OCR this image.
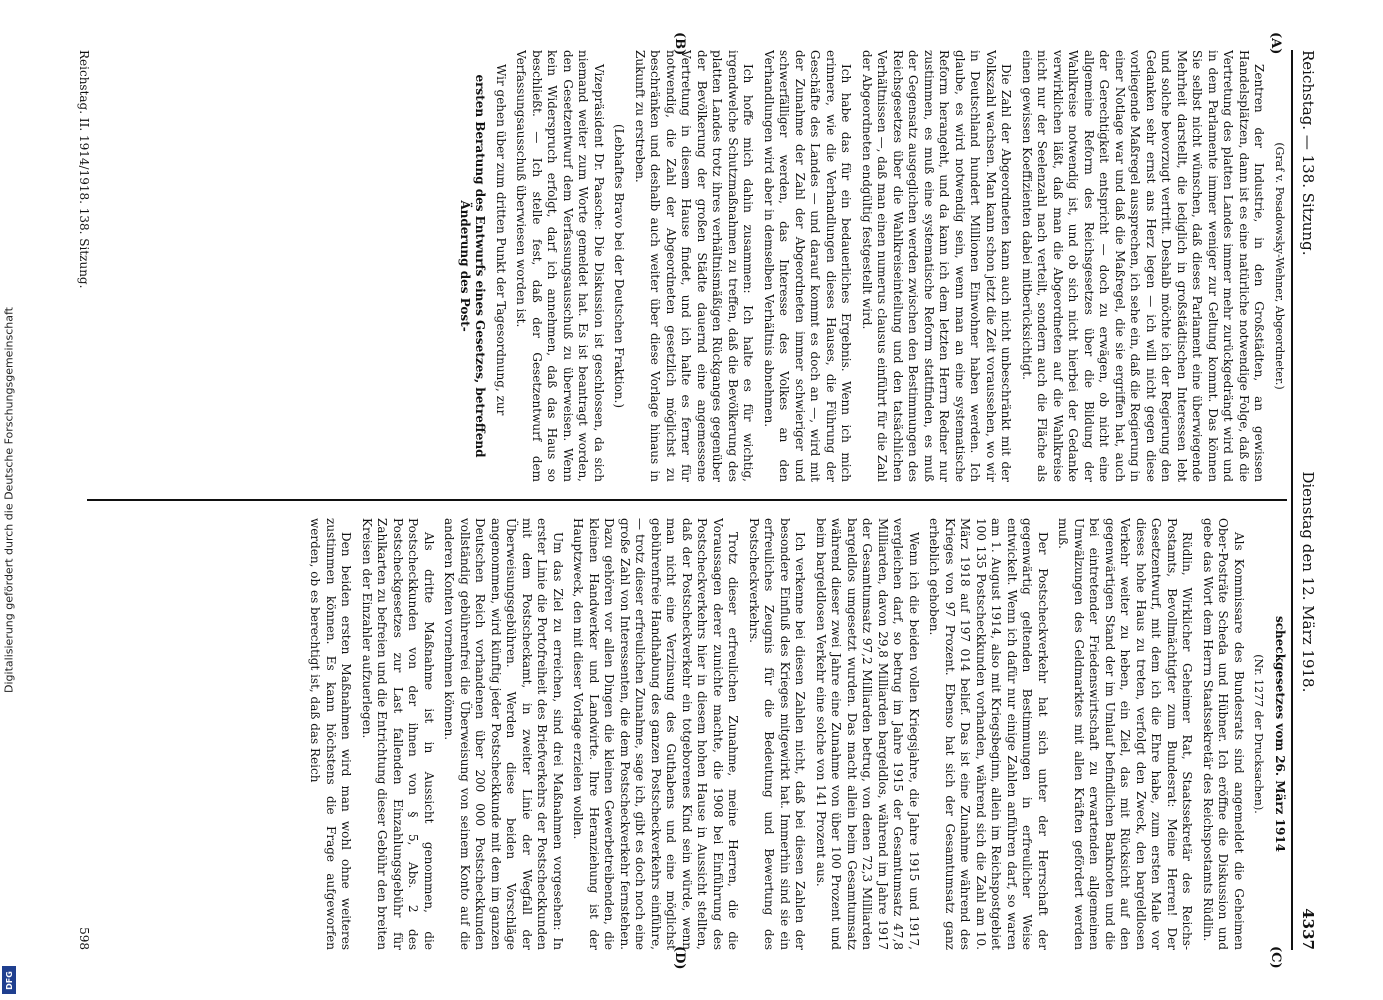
Digitalisierung gefördert durch die Deutsche Forschungsgemeinschaft
DFG
Reichstag. — 138. Sitzung.
Dienstag den 12. März 1918.
4337
(A)
(B)
(C)
(D)

(Graf v. Posadowsky-Wehner, Abgeordneter.)

Zentren der Industrie, in den Großstädten, an gewissen Handelsplätzen, dann ist es eine natürliche notwendige Folge, daß die Vertretung des platten Landes immer mehr zurückgedrängt wird und in dem Parlamente immer weniger zur Geltung kommt. Das können Sie selbst nicht wünschen, daß dieses Parlament eine überwiegende Mehrheit darstellt, die lediglich in großstädtischen Interessen lebt und solche bevorzugt vertritt. Deshalb möchte ich der Regierung den Gedanken sehr ernst ans Herz legen — ich will nicht gegen diese vorliegende Maßregel aussprechen, ich sehe ein, daß die Regierung in einer Notlage war und daß die Maßregel, die sie ergriffen hat, auch der Gerechtigkeit entspricht — doch zu erwägen, ob nicht eine allgemeine Reform des Reichsgesetzes über die Bildung der Wahlkreise notwendig ist, und ob sich nicht hierbei der Gedanke verwirklichen läßt, daß man die Abgeordneten auf die Wahlkreise nicht nur der Seelenzahl nach verteilt, sondern auch die Fläche als einen gewissen Koeffizienten dabei mitberücksichtigt.

Die Zahl der Abgeordneten kann auch nicht unbeschränkt mit der Volkszahl wachsen. Man kann schon jetzt die Zeit voraussehen, wo wir in Deutschland hundert Millionen Einwohner haben werden. Ich glaube, es wird notwendig sein, wenn man an eine systematische Reform herangeht, und da kann ich dem letzten Herrn Redner nur zustimmen, es muß eine systematische Reform stattfinden, es muß der Gegensatz ausgeglichen werden zwischen den Bestimmungen des Reichsgesetzes über die Wahlkreiseinteilung und den tatsächlichen Verhältnissen —, daß man einen numerus clausus einführt für die Zahl der Abgeordneten endgültig festgestellt wird.

Ich habe das für ein bedauerliches Ergebnis. Wenn ich mich erinnere, wie die Verhandlungen dieses Hauses, die Führung der Geschäfte des Landes — und darauf kommt es doch an —, wird mit der Zunahme der Zahl der Abgeordneten immer schwieriger und schwerfälliger werden, das Interesse des Volkes an den Verhandlungen wird aber in demselben Verhältnis abnehmen.

Ich hoffe mich dahin zusammen: Ich halte es für wichtig, irgendwelche Schutzmaßnahmen zu treffen, daß die Bevölkerung des platten Landes trotz ihres verhältnismäßigen Rückganges gegenüber der Bevölkerung der großen Städte dauernd eine angemessene Vertretung in diesem Hause findet, und ich halte es ferner für notwendig, die Zahl der Abgeordneten gesetzlich möglichst zu beschränken und deshalb auch weiter über diese Vorlage hinaus in Zukunft zu erstreben.

(Lebhaftes Bravo bei der Deutschen Fraktion.)

Vizepräsident Dr. Paasche: Die Diskussion ist geschlossen, da sich niemand weiter zum Worte gemeldet hat. Es ist beantragt worden, den Gesetzentwurf dem Verfassungsausschuß zu überweisen. Wenn kein Widerspruch erfolgt, darf ich annehmen, daß das Haus so beschließt. — Ich stelle fest, daß der Gesetzentwurf dem Verfassungsausschuß überwiesen worden ist.

Wir gehen über zum dritten Punkt der Tagesordnung, zur

ersten Beratung des Entwurfs eines Gesetzes, betreffend Änderung des Post-

scheckgesetzes vom 26. März 1914

(Nr. 1277 der Drucksachen).

Als Kommissare des Bundesrats sind angemeldet die Geheimen Ober-Posträte Scheda und Hübner. Ich eröffne die Diskussion und gebe das Wort dem Herrn Staatssekretär des Reichspostamts Rüdlin.

Rüdlin, Wirklicher Geheimer Rat, Staatssekretär des Reichs-Postamts, Bevollmächtigter zum Bundesrat: Meine Herren! Der Gesetzentwurf, mit dem ich die Ehre habe, zum ersten Male vor dieses hohe Haus zu treten, verfolgt den Zweck, den bargeldlosen Verkehr weiter zu heben, ein Ziel, das mit Rücksicht auf den gegenwärtigen Stand der im Umlauf befindlichen Banknoten und die bei eintretender Friedenswirtschaft zu erwartenden allgemeinen Umwälzungen des Geldmarktes mit allen Kräften gefördert werden muß.

Der Postscheckverkehr hat sich unter der Herrschaft der gegenwärtig geltenden Bestimmungen in erfreulicher Weise entwickelt. Wenn ich dafür nur einige Zahlen anführen darf, so waren am 1. August 1914, also mit Kriegsbeginn, allein im Reichspostgebiet 100 135 Postscheckkunden vorhanden, während sich die Zahl am 10. März 1918 auf 197 014 belief. Das ist eine Zunahme während des Krieges von 97 Prozent. Ebenso hat sich der Gesamtumsatz ganz erheblich gehoben.

Wenn ich die beiden vollen Kriegsjahre, die Jahre 1915 und 1917, vergleichen darf, so betrug im Jahre 1915 der Gesamtumsatz 47,8 Milliarden, davon 29,8 Milliarden bargeldlos, während im Jahre 1917 der Gesamtumsatz 97,2 Milliarden betrug, von denen 72,3 Milliarden bargeldlos umgesetzt wurden. Das macht allein beim Gesamtumsatz während dieser zwei Jahre eine Zunahme von über 100 Prozent und beim bargeldlosen Verkehr eine solche von 141 Prozent aus.

Ich verkenne bei diesen Zahlen nicht, daß bei diesen Zahlen der besondere Einfluß des Krieges mitgewirkt hat. Immerhin sind sie ein erfreuliches Zeugnis für die Bedeutung und Bewertung des Postscheckverkehrs.

Trotz dieser erfreulichen Zunahme, meine Herren, die die Voraussagen derer zunichte machte, die 1908 bei Einführung des Postscheckverkehrs hier in diesem hohen Hause in Aussicht stellten, daß der Postscheckverkehr ein totgeborenes Kind sein würde, wenn man nicht eine Verzinsung des Guthabens und eine möglichst gebührenfreie Handhabung des ganzen Postscheckverkehrs einführe, — trotz dieser erfreulichen Zunahme, sage ich, gibt es doch noch eine große Zahl von Interessenten, die dem Postscheckverkehr fernstehen. Dazu gehören vor allen Dingen die kleinen Gewerbetreibenden, die kleinen Handwerker und Landwirte. Ihre Heranziehung ist der Hauptzweck, den mit dieser Vorlage erzielen wollen.

Um das Ziel zu erreichen, sind drei Maßnahmen vorgesehen: In erster Linie die Portofreiheit des Briefverkehrs der Postscheckkunden mit dem Postscheckamt, in zweiter Linie der Wegfall der Überweisungsgebühren. Werden diese beiden Vorschläge angenommen, wird künftig jeder Postscheckkunde mit dem im ganzen Deutschen Reich vorhandenen über 200 000 Postscheckkunden vollständig gebührenfrei die Überweisung von seinem Konto auf die anderen Konten vornehmen können.

Als dritte Maßnahme ist in Aussicht genommen, die Postscheckkunden von der ihnen von § 5, Abs. 2 des Postscheckgesetzes zur Last fallenden Einzahlungsgebühr für Zahlkarten zu befreien und die Entrichtung dieser Gebühr den breiten Kreisen der Einzahler aufzuerlegen.

Den beiden ersten Maßnahmen wird man wohl ohne weiteres zustimmen können. Es kann höchstens die Frage aufgeworfen werden, ob es berechtigt ist, daß das Reich

Reichstag. II. 1914/1918. 138. Sitzung.
598
